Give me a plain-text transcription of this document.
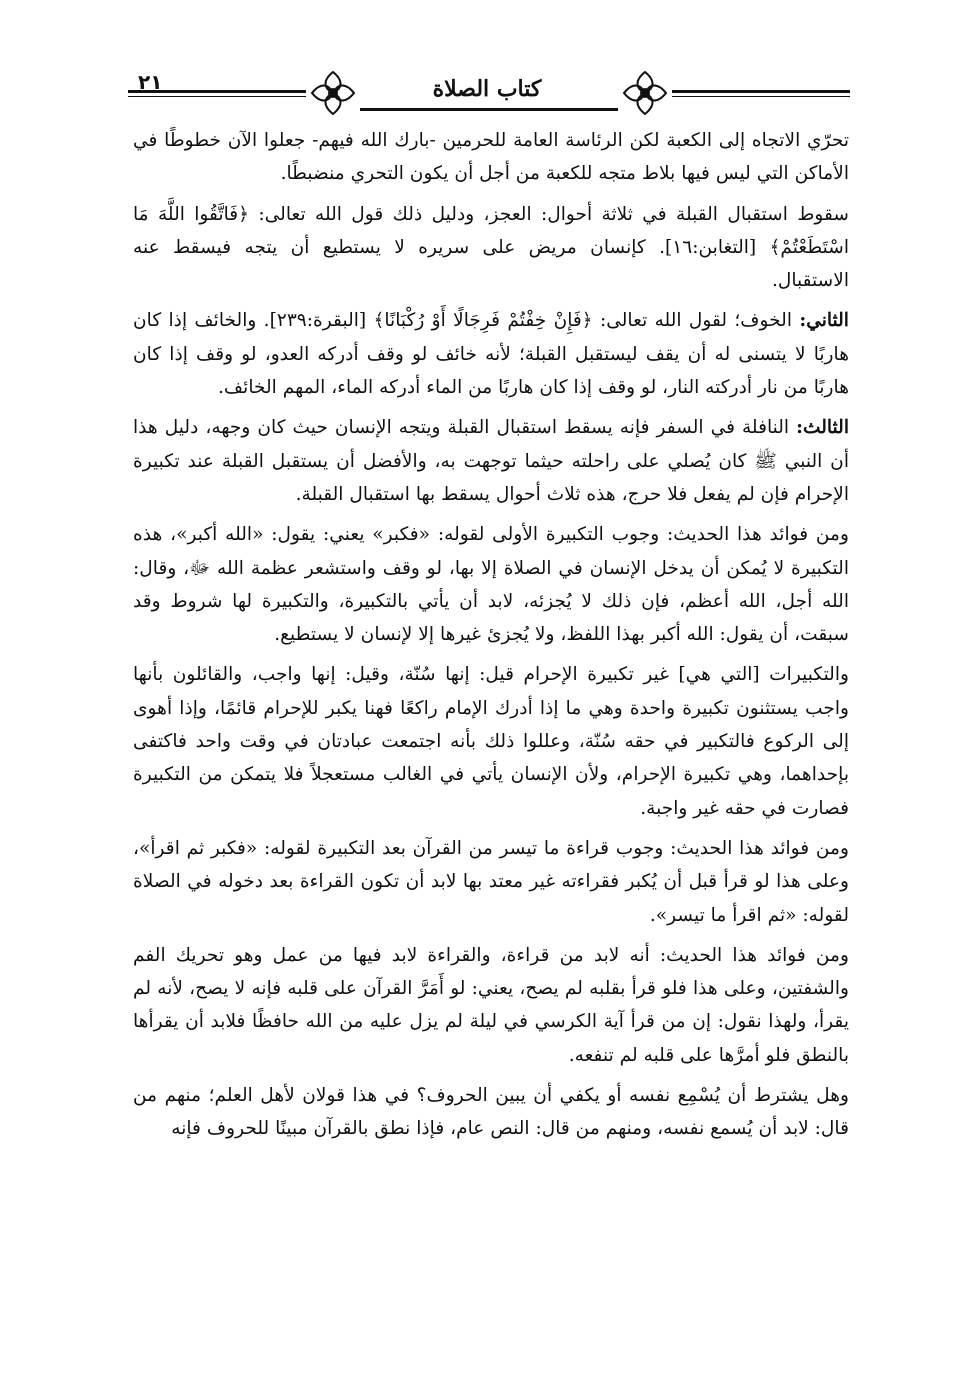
٢١	كتاب الصلاة

تحرّي الاتجاه إلى الكعبة لكن الرئاسة العامة للحرمين -بارك الله فيهم- جعلوا الآن خطوطًا في الأماكن التي ليس فيها بلاط متجه للكعبة من أجل أن يكون التحري منضبطًا.

سقوط استقبال القبلة في ثلاثة أحوال: العجز، ودليل ذلك قول الله تعالى: ﴿فَاتَّقُوا اللَّهَ مَا اسْتَطَعْتُمْ﴾ [التغابن:١٦]. كإنسان مريض على سريره لا يستطيع أن يتجه فيسقط عنه الاستقبال.

الثاني: الخوف؛ لقول الله تعالى: ﴿فَإِنْ خِفْتُمْ فَرِجَالًا أَوْ رُكْبَانًا﴾ [البقرة:٢٣٩]. والخائف إذا كان هاربًا لا يتسنى له أن يقف ليستقبل القبلة؛ لأنه خائف لو وقف أدركه العدو، لو وقف إذا كان هاربًا من نار أدركته النار، لو وقف إذا كان هاربًا من الماء أدركه الماء، المهم الخائف.

الثالث: النافلة في السفر فإنه يسقط استقبال القبلة ويتجه الإنسان حيث كان وجهه، دليل هذا أن النبي ﷺ كان يُصلي على راحلته حيثما توجهت به، والأفضل أن يستقبل القبلة عند تكبيرة الإحرام فإن لم يفعل فلا حرج، هذه ثلاث أحوال يسقط بها استقبال القبلة.

ومن فوائد هذا الحديث: وجوب التكبيرة الأولى لقوله: «فكبر» يعني: يقول: «الله أكبر»، هذه التكبيرة لا يُمكن أن يدخل الإنسان في الصلاة إلا بها، لو وقف واستشعر عظمة الله ﷻ، وقال: الله أجل، الله أعظم، فإن ذلك لا يُجزئه، لابد أن يأتي بالتكبيرة، والتكبيرة لها شروط وقد سبقت، أن يقول: الله أكبر بهذا اللفظ، ولا يُجزئ غيرها إلا لإنسان لا يستطيع.

والتكبيرات [التي هي] غير تكبيرة الإحرام قيل: إنها سُنّة، وقيل: إنها واجب، والقائلون بأنها واجب يستثنون تكبيرة واحدة وهي ما إذا أدرك الإمام راكعًا فهنا يكبر للإحرام قائمًا، وإذا أهوى إلى الركوع فالتكبير في حقه سُنّة، وعللوا ذلك بأنه اجتمعت عبادتان في وقت واحد فاكتفى بإحداهما، وهي تكبيرة الإحرام، ولأن الإنسان يأتي في الغالب مستعجلاً فلا يتمكن من التكبيرة فصارت في حقه غير واجبة.

ومن فوائد هذا الحديث: وجوب قراءة ما تيسر من القرآن بعد التكبيرة لقوله: «فكبر ثم اقرأ»، وعلى هذا لو قرأ قبل أن يُكبر فقراءته غير معتد بها لابد أن تكون القراءة بعد دخوله في الصلاة لقوله: «ثم اقرأ ما تيسر».

ومن فوائد هذا الحديث: أنه لابد من قراءة، والقراءة لابد فيها من عمل وهو تحريك الفم والشفتين، وعلى هذا فلو قرأ بقلبه لم يصح، يعني: لو أَمَرَّ القرآن على قلبه فإنه لا يصح، لأنه لم يقرأ، ولهذا نقول: إن من قرأ آية الكرسي في ليلة لم يزل عليه من الله حافظًا فلابد أن يقرأها بالنطق فلو أمرَّها على قلبه لم تنفعه.

وهل يشترط أن يُسْمِع نفسه أو يكفي أن يبين الحروف؟ في هذا قولان لأهل العلم؛ منهم من قال: لابد أن يُسمع نفسه، ومنهم من قال: النص عام، فإذا نطق بالقرآن مبينًا للحروف فإنه
